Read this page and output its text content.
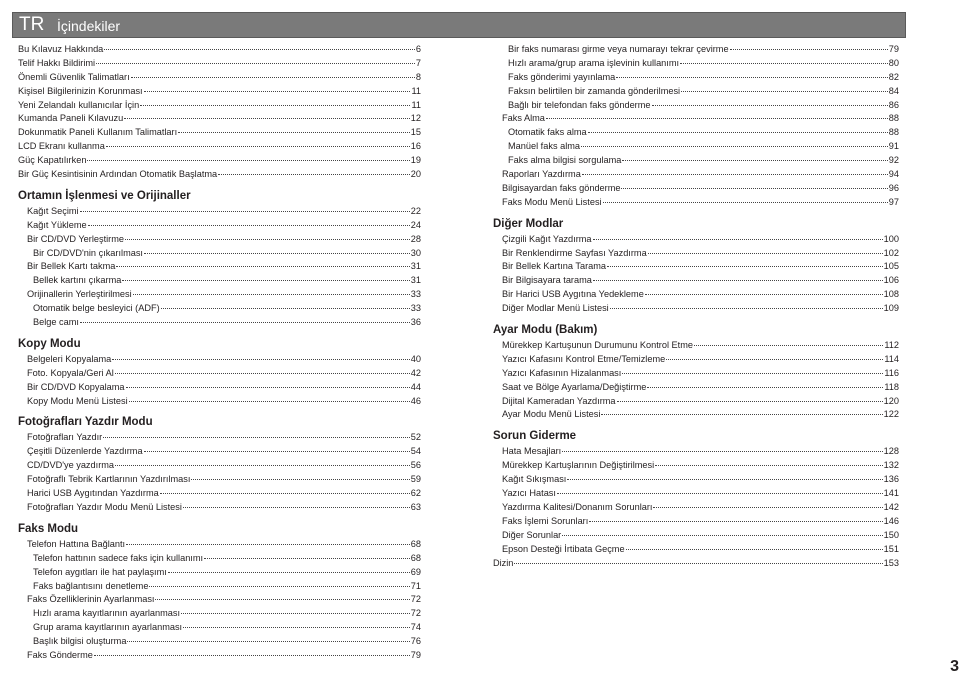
TR İçindekiler
Bu Kılavuz Hakkında	6
Telif Hakkı Bildirimi	7
Önemli Güvenlik Talimatları	8
Kişisel Bilgilerinizin Korunması	11
Yeni Zelandalı kullanıcılar İçin	11
Kumanda Paneli Kılavuzu	12
Dokunmatik Paneli Kullanım Talimatları	15
LCD Ekranı kullanma	16
Güç Kapatılırken	19
Bir Güç Kesintisinin Ardından Otomatik Başlatma	20
Ortamın İşlenmesi ve Orijinaller
Kağıt Seçimi	22
Kağıt Yükleme	24
Bir CD/DVD Yerleştirme	28
Bir CD/DVD'nin çıkarılması	30
Bir Bellek Kartı takma	31
Bellek kartını çıkarma	31
Orijinallerin Yerleştirilmesi	33
Otomatik belge besleyici (ADF)	33
Belge camı	36
Kopy Modu
Belgeleri Kopyalama	40
Foto. Kopyala/Geri Al	42
Bir CD/DVD Kopyalama	44
Kopy Modu Menü Listesi	46
Fotoğrafları Yazdır Modu
Fotoğrafları Yazdır	52
Çeşitli Düzenlerde Yazdırma	54
CD/DVD'ye yazdırma	56
Fotoğraflı Tebrik Kartlarının Yazdırılması	59
Harici USB Aygıtından Yazdırma	62
Fotoğrafları Yazdır Modu Menü Listesi	63
Faks Modu
Telefon Hattına Bağlantı	68
Telefon hattının sadece faks için kullanımı	68
Telefon aygıtları ile hat paylaşımı	69
Faks bağlantısını denetleme	71
Faks Özelliklerinin Ayarlanması	72
Hızlı arama kayıtlarının ayarlanması	72
Grup arama kayıtlarının ayarlanması	74
Başlık bilgisi oluşturma	76
Faks Gönderme	79
Bir faks numarası girme veya numarayı tekrar çevirme	79
Hızlı arama/grup arama işlevinin kullanımı	80
Faks gönderimi yayınlama	82
Faksın belirtilen bir zamanda gönderilmesi	84
Bağlı bir telefondan faks gönderme	86
Faks Alma	88
Otomatik faks alma	88
Manüel faks alma	91
Faks alma bilgisi sorgulama	92
Raporları Yazdırma	94
Bilgisayardan faks gönderme	96
Faks Modu Menü Listesi	97
Diğer Modlar
Çizgili Kağıt Yazdırma	100
Bir Renklendirme Sayfası Yazdırma	102
Bir Bellek Kartına Tarama	105
Bir Bilgisayara tarama	106
Bir Harici USB Aygıtına Yedekleme	108
Diğer Modlar Menü Listesi	109
Ayar Modu (Bakım)
Mürekkep Kartuşunun Durumunu Kontrol Etme	112
Yazıcı Kafasını Kontrol Etme/Temizleme	114
Yazıcı Kafasının Hizalanması	116
Saat ve Bölge Ayarlama/Değiştirme	118
Dijital Kameradan Yazdırma	120
Ayar Modu Menü Listesi	122
Sorun Giderme
Hata Mesajları	128
Mürekkep Kartuşlarının Değiştirilmesi	132
Kağıt Sıkışması	136
Yazıcı Hatası	141
Yazdırma Kalitesi/Donanım Sorunları	142
Faks İşlemi Sorunları	146
Diğer Sorunlar	150
Epson Desteği İrtibata Geçme	151
Dizin	153
3
